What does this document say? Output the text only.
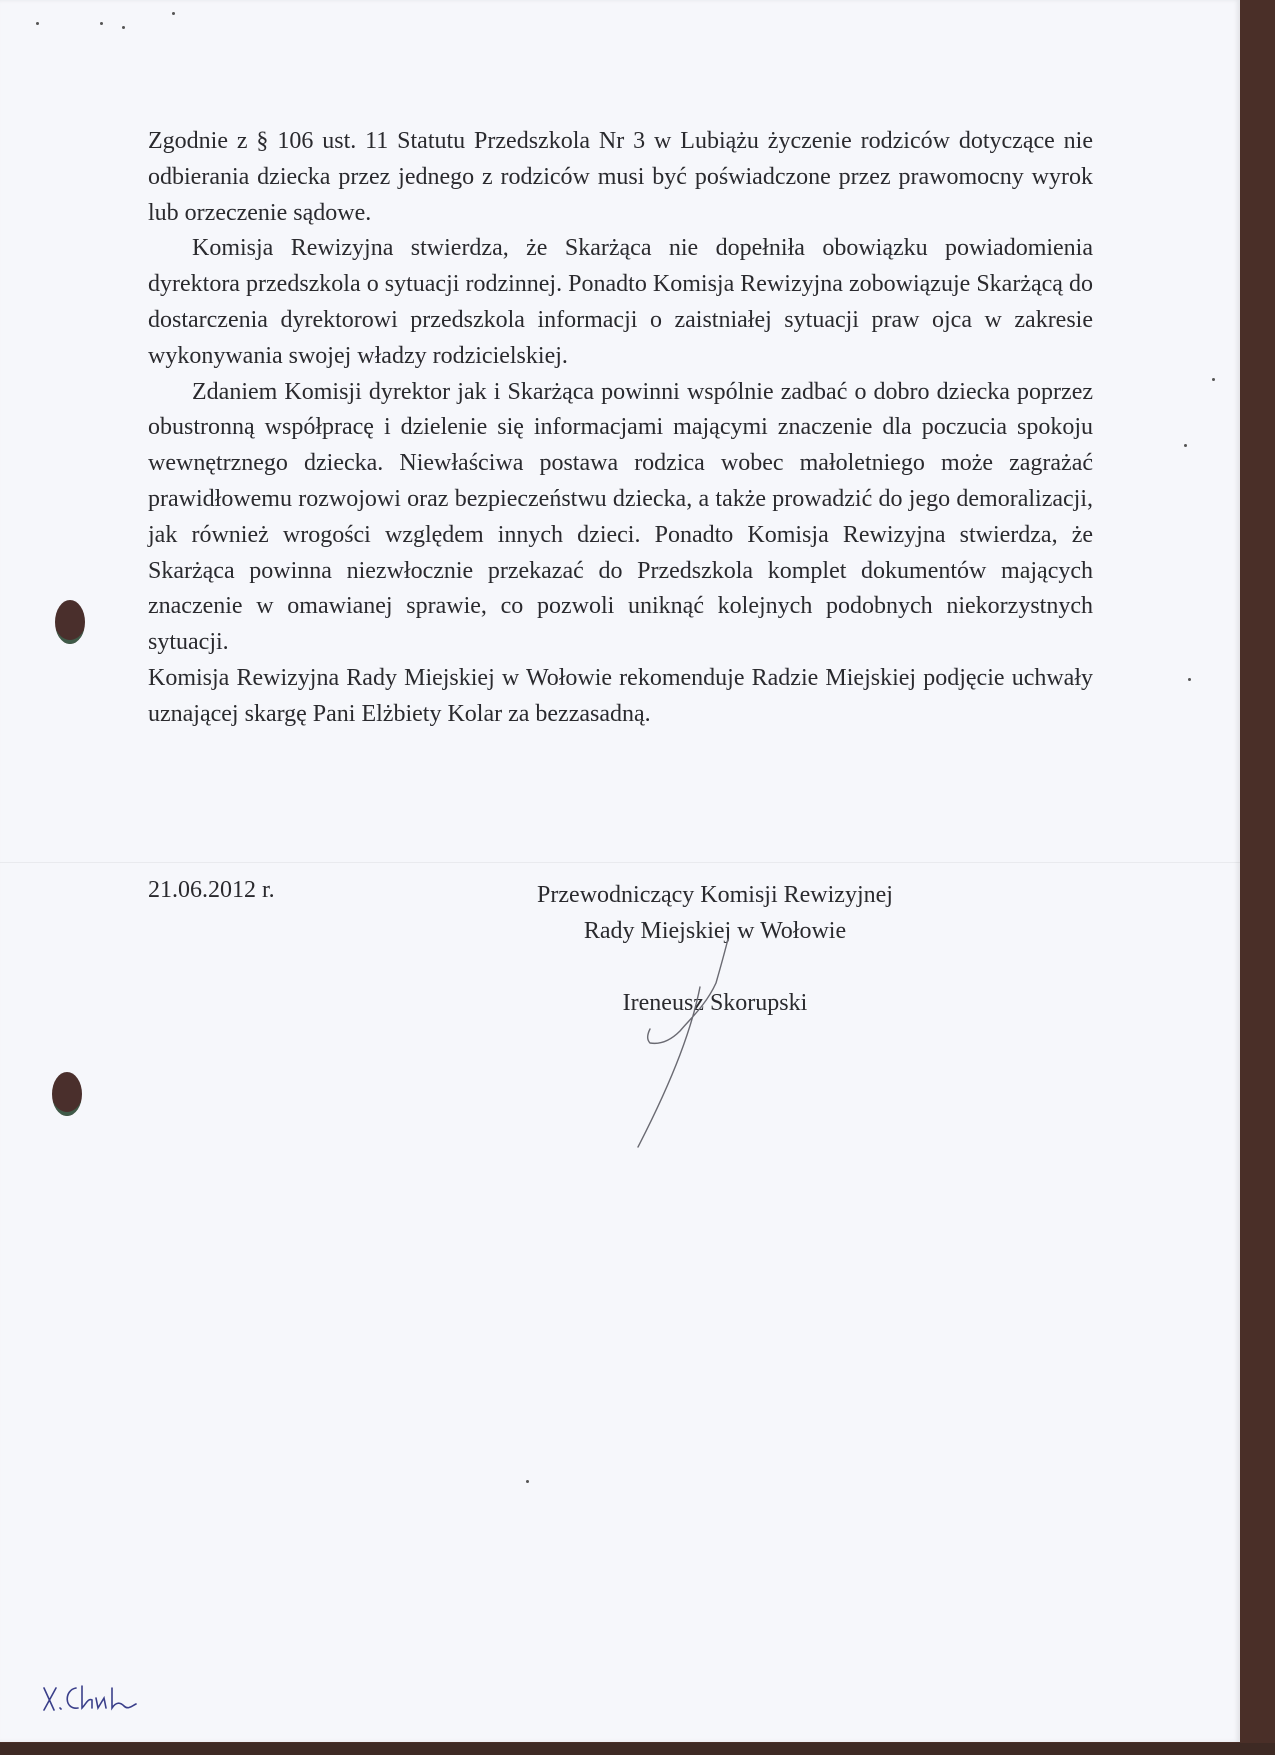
Zgodnie z § 106 ust. 11 Statutu Przedszkola Nr 3 w Lubiążu życzenie rodziców dotyczące nie odbierania dziecka przez jednego z rodziców musi być poświadczone przez prawomocny wyrok lub orzeczenie sądowe.

Komisja Rewizyjna stwierdza, że Skarżąca nie dopełniła obowiązku powiadomienia dyrektora przedszkola o sytuacji rodzinnej. Ponadto Komisja Rewizyjna zobowiązuje Skarżącą do dostarczenia dyrektorowi przedszkola informacji o zaistniałej sytuacji praw ojca w zakresie wykonywania swojej władzy rodzicielskiej.

Zdaniem Komisji dyrektor jak i Skarżąca powinni wspólnie zadbać o dobro dziecka poprzez obustronną współpracę i dzielenie się informacjami mającymi znaczenie dla poczucia spokoju wewnętrznego dziecka. Niewłaściwa postawa rodzica wobec małoletniego może zagrażać prawidłowemu rozwojowi oraz bezpieczeństwu dziecka, a także prowadzić do jego demoralizacji, jak również wrogości względem innych dzieci. Ponadto Komisja Rewizyjna stwierdza, że Skarżąca powinna niezwłocznie przekazać do Przedszkola komplet dokumentów mających znaczenie w omawianej sprawie, co pozwoli uniknąć kolejnych podobnych niekorzystnych sytuacji.

Komisja Rewizyjna Rady Miejskiej w Wołowie rekomenduje Radzie Miejskiej podjęcie uchwały uznającej skargę Pani Elżbiety Kolar za bezzasadną.

21.06.2012 r.	Przewodniczący Komisji Rewizyjnej
Rady Miejskiej w Wołowie
Ireneusz Skorupski
